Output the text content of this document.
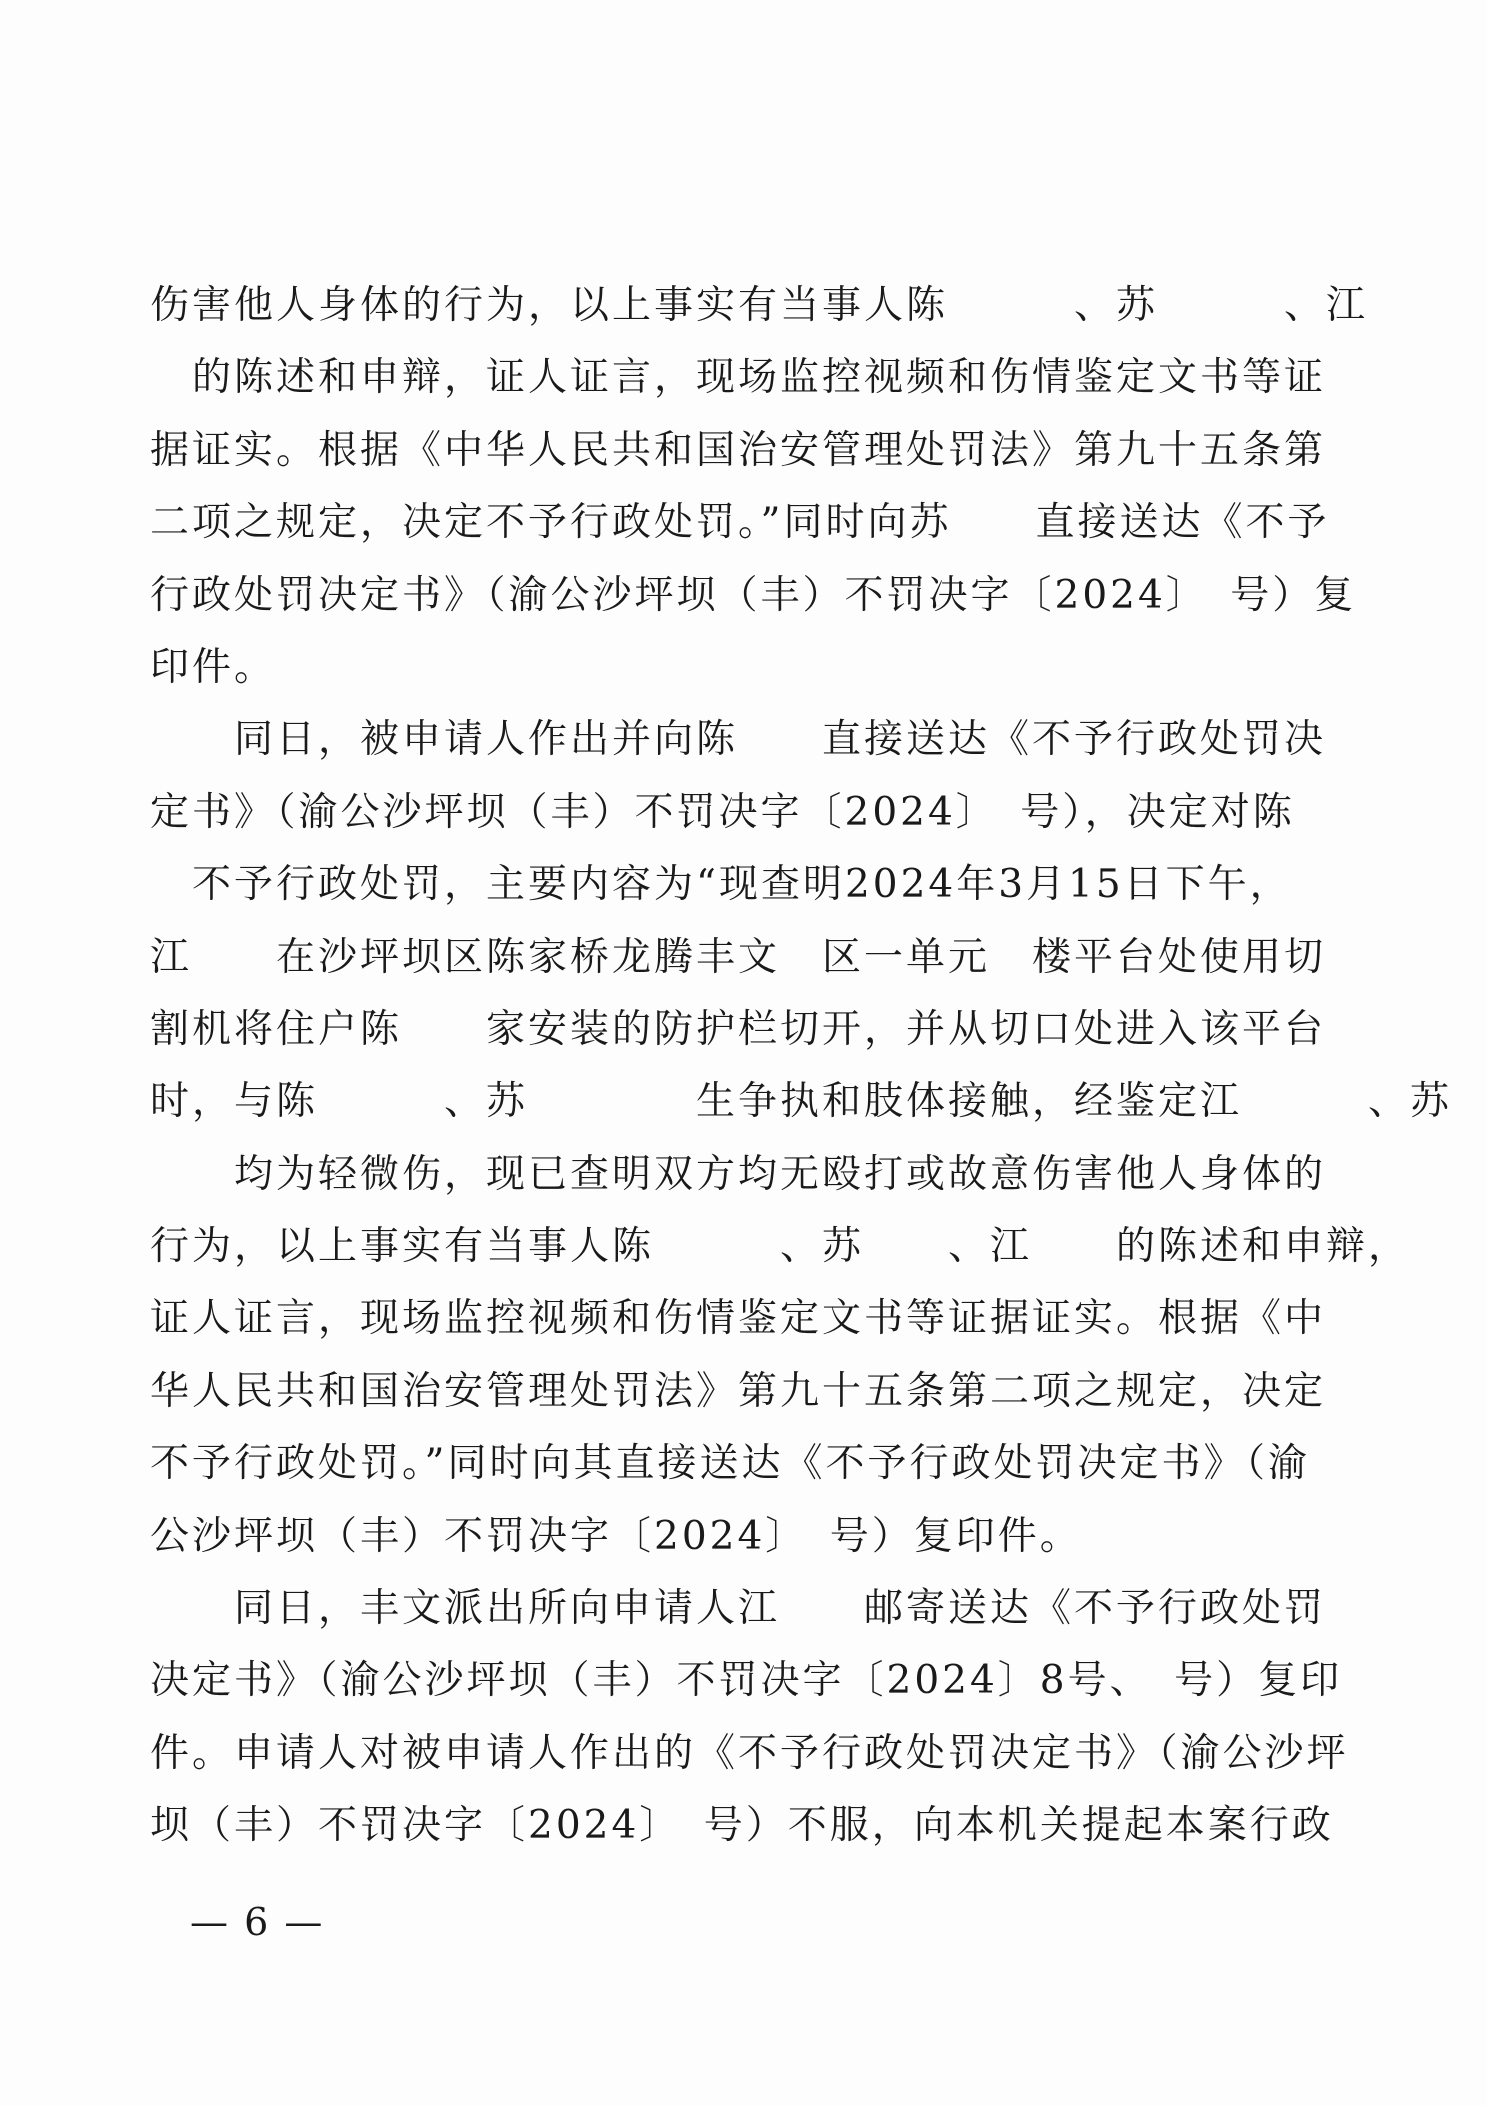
伤害他人身体的行为，以上事实有当事人陈　　　、苏　　　、江
　的陈述和申辩，证人证言，现场监控视频和伤情鉴定文书等证
据证实。根据《中华人民共和国治安管理处罚法》第九十五条第
二项之规定，决定不予行政处罚。”同时向苏　　直接送达《不予
行政处罚决定书》（渝公沙坪坝（丰）不罚决字〔2024〕　号）复
印件。
　　同日，被申请人作出并向陈　　直接送达《不予行政处罚决
定书》（渝公沙坪坝（丰）不罚决字〔2024〕　号），决定对陈
　不予行政处罚，主要内容为“现查明2024年3月15日下午，
江　　在沙坪坝区陈家桥龙腾丰文　区一单元　楼平台处使用切
割机将住户陈　　家安装的防护栏切开，并从切口处进入该平台
时，与陈　　　、苏　　　　生争执和肢体接触，经鉴定江　　　、苏
　　均为轻微伤，现已查明双方均无殴打或故意伤害他人身体的
行为，以上事实有当事人陈　　　、苏　　、江　　的陈述和申辩，
证人证言，现场监控视频和伤情鉴定文书等证据证实。根据《中
华人民共和国治安管理处罚法》第九十五条第二项之规定，决定
不予行政处罚。”同时向其直接送达《不予行政处罚决定书》（渝
公沙坪坝（丰）不罚决字〔2024〕　号）复印件。
　　同日，丰文派出所向申请人江　　邮寄送达《不予行政处罚
决定书》（渝公沙坪坝（丰）不罚决字〔2024〕8号、　号）复印
件。申请人对被申请人作出的《不予行政处罚决定书》（渝公沙坪
坝（丰）不罚决字〔2024〕　号）不服，向本机关提起本案行政
— 6 —
